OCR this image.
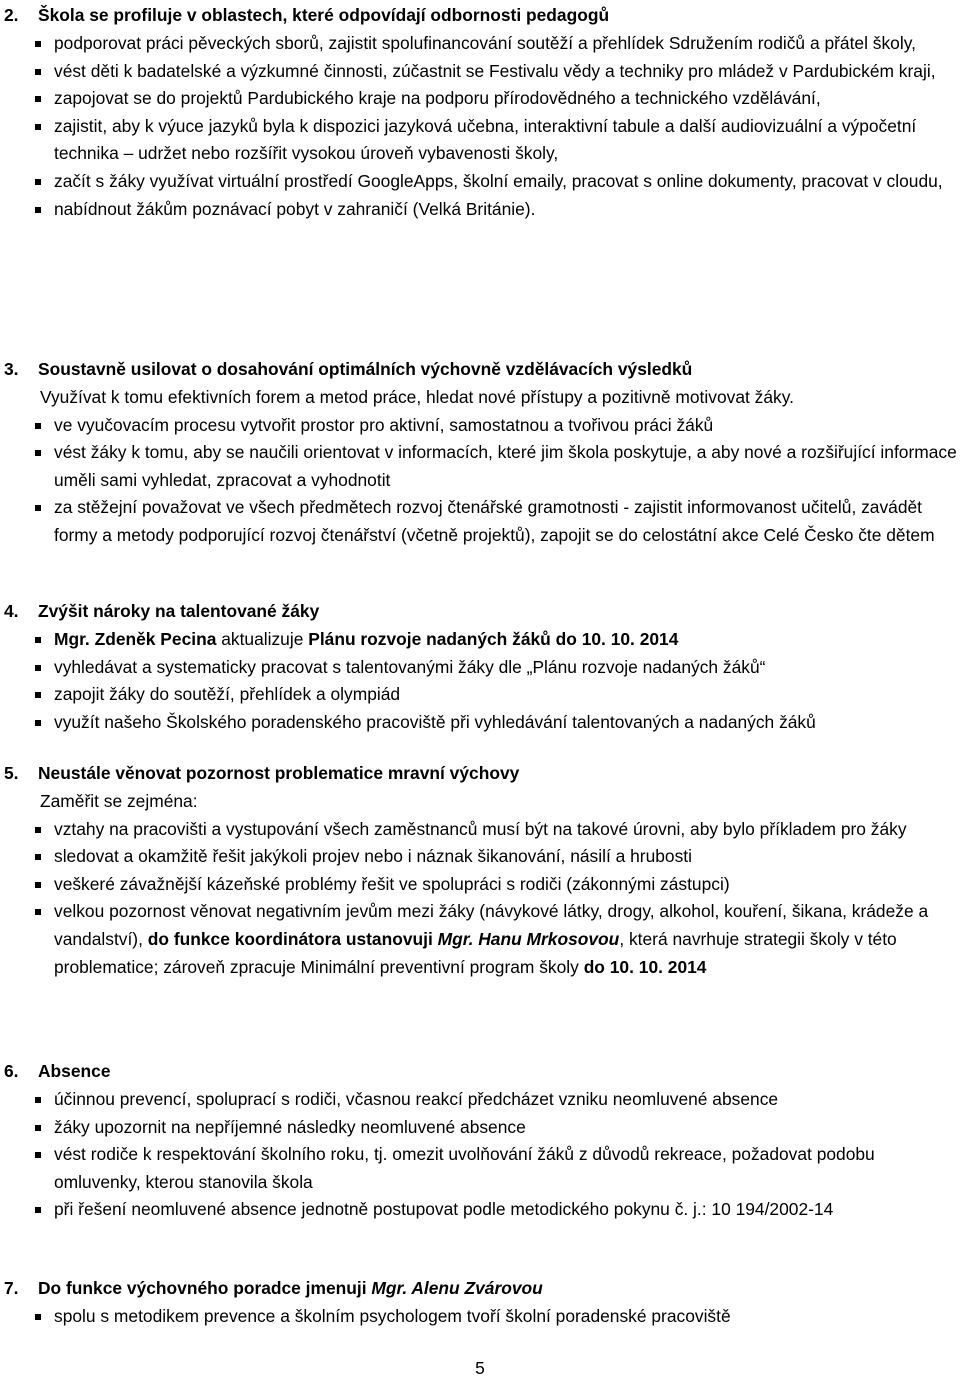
2. Škola se profiluje v oblastech, které odpovídají odbornosti pedagogů
podporovat práci pěveckých sborů, zajistit spolufinancování soutěží a přehlídek Sdružením rodičů a přátel školy,
vést děti k badatelské a výzkumné činnosti, zúčastnit se Festivalu vědy a techniky pro mládež v Pardubickém kraji,
zapojovat se do projektů Pardubického kraje na podporu přírodovědného a technického vzdělávání,
zajistit, aby k výuce jazyků byla k dispozici jazyková učebna, interaktivní tabule a další audiovizuální a výpočetní technika – udržet nebo rozšířit vysokou úroveň vybavenosti školy,
začít s žáky využívat virtuální prostředí GoogleApps, školní emaily, pracovat s online dokumenty, pracovat v cloudu,
nabídnout žákům poznávací pobyt v zahraničí (Velká Británie).
3. Soustavně usilovat o dosahování optimálních výchovně vzdělávacích výsledků
Využívat k tomu efektivních forem a metod práce, hledat nové přístupy a pozitivně motivovat žáky.
ve vyučovacím procesu vytvořit prostor pro aktivní, samostatnou a tvořivou práci žáků
vést žáky k tomu, aby se naučili orientovat v informacích, které jim škola poskytuje, a aby nové a rozšiřující informace uměli sami vyhledat, zpracovat a vyhodnotit
za stěžejní považovat ve všech předmětech rozvoj čtenářské gramotnosti - zajistit informovanost učitelů, zavádět formy a metody podporující rozvoj čtenářství (včetně projektů), zapojit se do celostátní akce Celé Česko čte dětem
4. Zvýšit nároky na talentované žáky
Mgr. Zdeněk Pecina aktualizuje Plánu rozvoje nadaných žáků do 10. 10. 2014
vyhledávat a systematicky pracovat s talentovanými žáky dle „Plánu rozvoje nadaných žáků“
zapojit žáky do soutěží, přehlídek a olympiád
využít našeho Školského poradenského pracoviště při vyhledávání talentovaných a nadaných žáků
5. Neustále věnovat pozornost problematice mravní výchovy
Zaměřit se zejména:
vztahy na pracovišti a vystupování všech zaměstnanců musí být na takové úrovni, aby bylo příkladem pro žáky
sledovat a okamžitě řešit jakýkoli projev nebo i náznak šikanování, násilí a hrubosti
veškeré závažnější kázeňské problémy řešit ve spolupráci s rodiči (zákonnými zástupci)
velkou pozornost věnovat negativním jevům mezi žáky (návykové látky, drogy, alkohol, kouření, šikana, krádeže a vandalství), do funkce koordinátora ustanovuji Mgr. Hanu Mrkosovou, která navrhuje strategii školy v této problematice; zároveň zpracuje Minimální preventivní program školy do 10. 10. 2014
6. Absence
účinnou prevencí, spoluprací s rodiči, včasnou reakcí předcházet vzniku neomluvené absence
žáky upozornit na nepříjemné následky neomluvené absence
vést rodiče k respektování školního roku, tj. omezit uvolňování žáků z důvodů rekreace, požadovat podobu omluvenky, kterou stanovila škola
při řešení neomluvené absence jednotně postupovat podle metodického pokynu č. j.: 10 194/2002-14
7. Do funkce výchovného poradce jmenuji Mgr. Alenu Zvárovou
spolu s metodikem prevence a školním psychologem tvoří školní poradenské pracoviště
5
